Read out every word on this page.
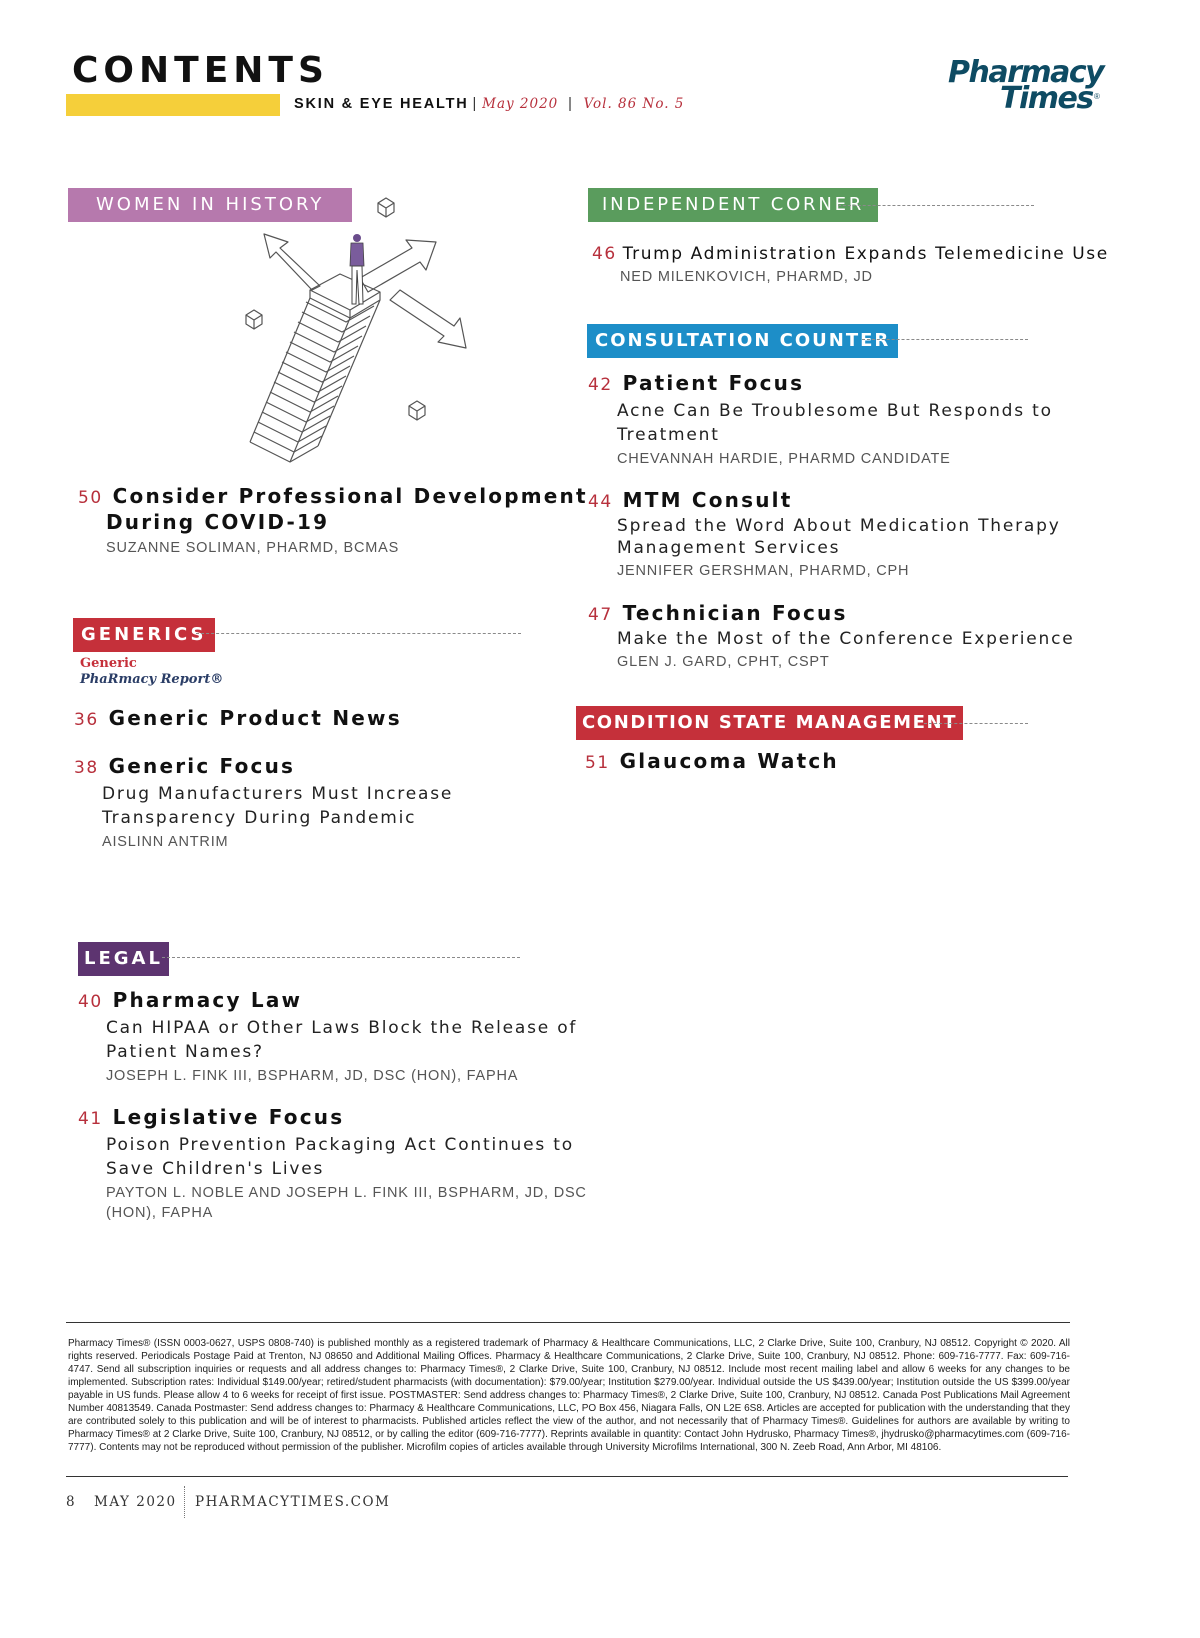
CONTENTS
SKIN & EYE HEALTH | May 2020 | Vol. 86 No. 5
Pharmacy
Times ®
WOMEN IN HISTORY
50 Consider Professional Development
During COVID-19
SUZANNE SOLIMAN, PHARMD, BCMAS
GENERICS
Generic
PhaRmacy Report®
36 Generic Product News
38 Generic Focus
Drug Manufacturers Must Increase
Transparency During Pandemic
AISLINN ANTRIM
LEGAL
40 Pharmacy Law
Can HIPAA or Other Laws Block the Release of
Patient Names?
JOSEPH L. FINK III, BSPHARM, JD, DSC (HON), FAPHA
41 Legislative Focus
Poison Prevention Packaging Act Continues to
Save Children's Lives
PAYTON L. NOBLE AND JOSEPH L. FINK III, BSPHARM, JD, DSC
(HON), FAPHA
INDEPENDENT CORNER
46 Trump Administration Expands Telemedicine Use
NED MILENKOVICH, PHARMD, JD
CONSULTATION COUNTER
42 Patient Focus
Acne Can Be Troublesome But Responds to
Treatment
CHEVANNAH HARDIE, PHARMD CANDIDATE
44 MTM Consult
Spread the Word About Medication Therapy
Management Services
JENNIFER GERSHMAN, PHARMD, CPH
47 Technician Focus
Make the Most of the Conference Experience
GLEN J. GARD, CPHT, CSPT
CONDITION STATE MANAGEMENT
51 Glaucoma Watch
Pharmacy Times® (ISSN 0003-0627, USPS 0808-740) is published monthly as a registered trademark of Pharmacy & Healthcare Communications, LLC, 2 Clarke Drive, Suite 100, Cranbury, NJ 08512. Copyright © 2020. All rights reserved. Periodicals Postage Paid at Trenton, NJ 08650 and Additional Mailing Offices. Pharmacy & Healthcare Communications, 2 Clarke Drive, Suite 100, Cranbury, NJ 08512. Phone: 609-716-7777. Fax: 609-716-4747. Send all subscription inquiries or requests and all address changes to: Pharmacy Times®, 2 Clarke Drive, Suite 100, Cranbury, NJ 08512. Include most recent mailing label and allow 6 weeks for any changes to be implemented. Subscription rates: Individual $149.00/year; retired/student pharmacists (with documentation): $79.00/year; Institution $279.00/year. Individual outside the US $439.00/year; Institution outside the US $399.00/year payable in US funds. Please allow 4 to 6 weeks for receipt of first issue. POSTMASTER: Send address changes to: Pharmacy Times®, 2 Clarke Drive, Suite 100, Cranbury, NJ 08512. Canada Post Publications Mail Agreement Number 40813549. Canada Postmaster: Send address changes to: Pharmacy & Healthcare Communications, LLC, PO Box 456, Niagara Falls, ON L2E 6S8. Articles are accepted for publication with the understanding that they are contributed solely to this publication and will be of interest to pharmacists. Published articles reflect the view of the author, and not necessarily that of Pharmacy Times®. Guidelines for authors are available by writing to Pharmacy Times® at 2 Clarke Drive, Suite 100, Cranbury, NJ 08512, or by calling the editor (609-716-7777). Reprints available in quantity: Contact John Hydrusko, Pharmacy Times®, jhydrusko@pharmacytimes.com (609-716-7777). Contents may not be reproduced without permission of the publisher. Microfilm copies of articles available through University Microfilms International, 300 N. Zeeb Road, Ann Arbor, MI 48106.
8 MAY 2020 PHARMACYTIMES.COM
